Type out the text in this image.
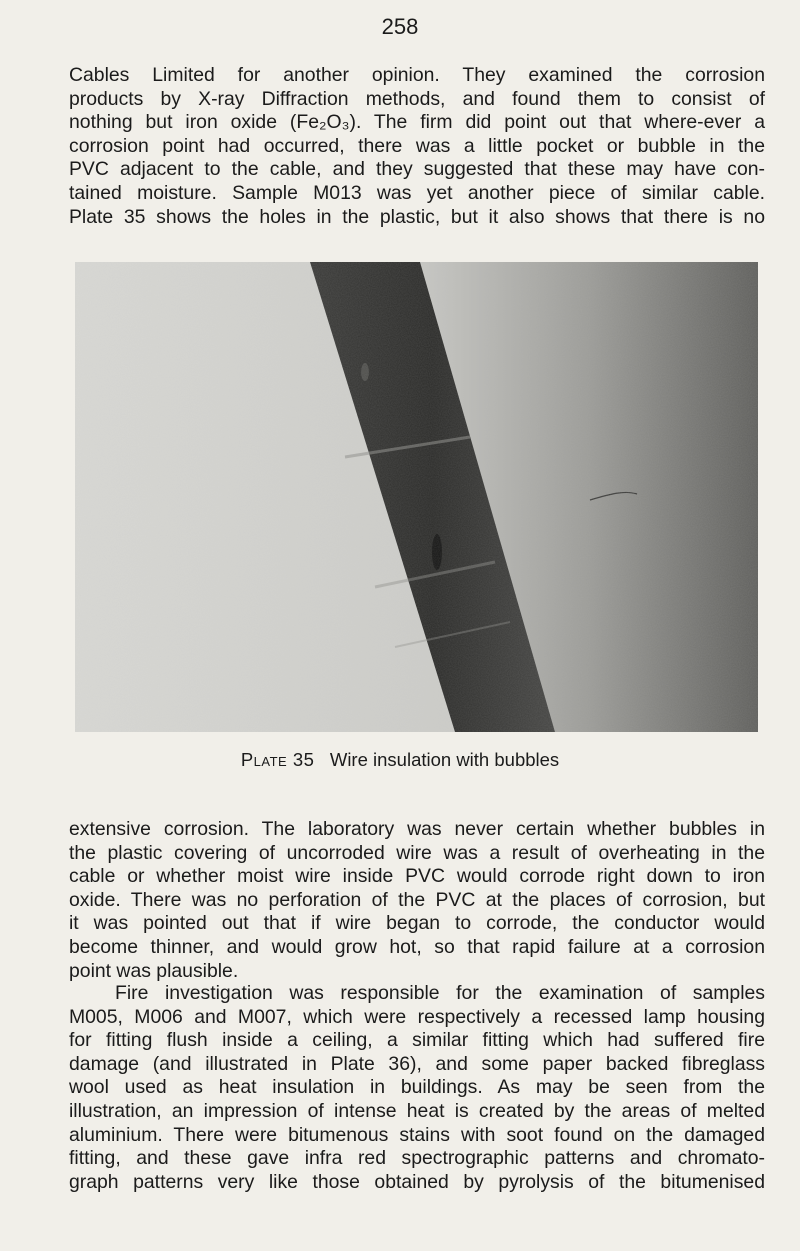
258
Cables Limited for another opinion. They examined the corrosion
products by X-ray Diffraction methods, and found them to consist of
nothing but iron oxide (Fe₂O₃). The firm did point out that where-ever a
corrosion point had occurred, there was a little pocket or bubble in the
PVC adjacent to the cable, and they suggested that these may have con-
tained moisture. Sample M013 was yet another piece of similar cable.
Plate 35 shows the holes in the plastic, but it also shows that there is no
Plate 35 Wire insulation with bubbles
extensive corrosion. The laboratory was never certain whether bubbles in
the plastic covering of uncorroded wire was a result of overheating in the
cable or whether moist wire inside PVC would corrode right down to iron
oxide. There was no perforation of the PVC at the places of corrosion, but
it was pointed out that if wire began to corrode, the conductor would
become thinner, and would grow hot, so that rapid failure at a corrosion
point was plausible.
Fire investigation was responsible for the examination of samples
M005, M006 and M007, which were respectively a recessed lamp housing
for fitting flush inside a ceiling, a similar fitting which had suffered fire
damage (and illustrated in Plate 36), and some paper backed fibreglass
wool used as heat insulation in buildings. As may be seen from the
illustration, an impression of intense heat is created by the areas of melted
aluminium. There were bitumenous stains with soot found on the damaged
fitting, and these gave infra red spectrographic patterns and chromato-
graph patterns very like those obtained by pyrolysis of the bitumenised
